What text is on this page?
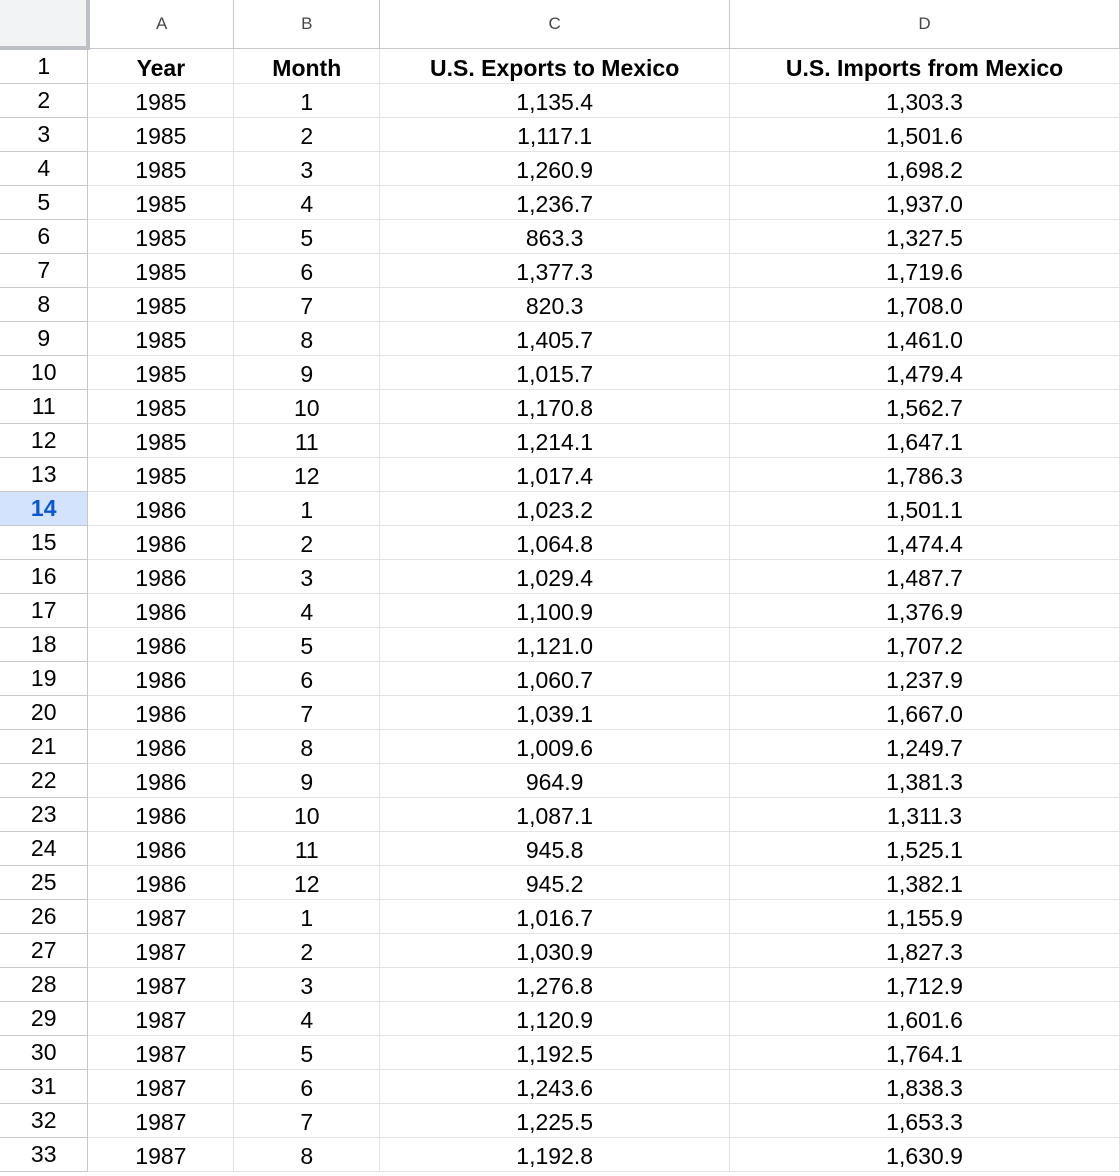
	A	B	C	D
1	Year	Month	U.S. Exports to Mexico	U.S. Imports from Mexico
2	1985	1	1,135.4	1,303.3
3	1985	2	1,117.1	1,501.6
4	1985	3	1,260.9	1,698.2
5	1985	4	1,236.7	1,937.0
6	1985	5	863.3	1,327.5
7	1985	6	1,377.3	1,719.6
8	1985	7	820.3	1,708.0
9	1985	8	1,405.7	1,461.0
10	1985	9	1,015.7	1,479.4
11	1985	10	1,170.8	1,562.7
12	1985	11	1,214.1	1,647.1
13	1985	12	1,017.4	1,786.3
14	1986	1	1,023.2	1,501.1
15	1986	2	1,064.8	1,474.4
16	1986	3	1,029.4	1,487.7
17	1986	4	1,100.9	1,376.9
18	1986	5	1,121.0	1,707.2
19	1986	6	1,060.7	1,237.9
20	1986	7	1,039.1	1,667.0
21	1986	8	1,009.6	1,249.7
22	1986	9	964.9	1,381.3
23	1986	10	1,087.1	1,311.3
24	1986	11	945.8	1,525.1
25	1986	12	945.2	1,382.1
26	1987	1	1,016.7	1,155.9
27	1987	2	1,030.9	1,827.3
28	1987	3	1,276.8	1,712.9
29	1987	4	1,120.9	1,601.6
30	1987	5	1,192.5	1,764.1
31	1987	6	1,243.6	1,838.3
32	1987	7	1,225.5	1,653.3
33	1987	8	1,192.8	1,630.9
